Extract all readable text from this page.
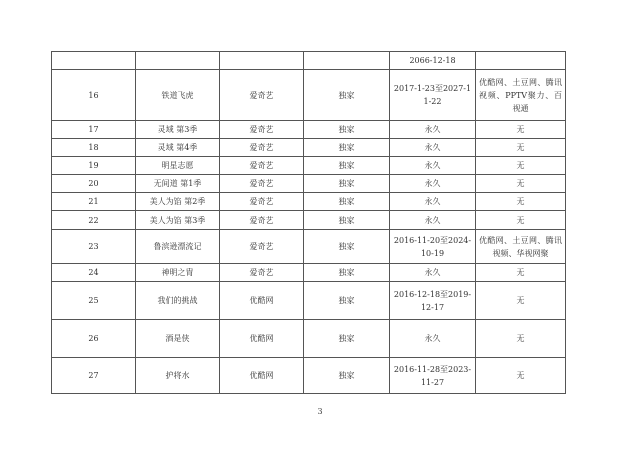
				2066-12-18	
16	铁道飞虎	爱奇艺	独家	2017-1-23至2027-11-22	优酷网、土豆网、腾讯视频、PPTV聚力、百视通
17	灵域 第3季	爱奇艺	独家	永久	无
18	灵域 第4季	爱奇艺	独家	永久	无
19	明星志愿	爱奇艺	独家	永久	无
20	无间道 第1季	爱奇艺	独家	永久	无
21	美人为馅 第2季	爱奇艺	独家	永久	无
22	美人为馅 第3季	爱奇艺	独家	永久	无
23	鲁滨逊漂流记	爱奇艺	独家	2016-11-20至2024-10-19	优酷网、土豆网、腾讯视频、华视网聚
24	神明之胄	爱奇艺	独家	永久	无
25	我们的挑战	优酷网	独家	2016-12-18至2019-12-17	无
26	酒是侠	优酷网	独家	永久	无
27	护将水	优酷网	独家	2016-11-28至2023-11-27	无
3
